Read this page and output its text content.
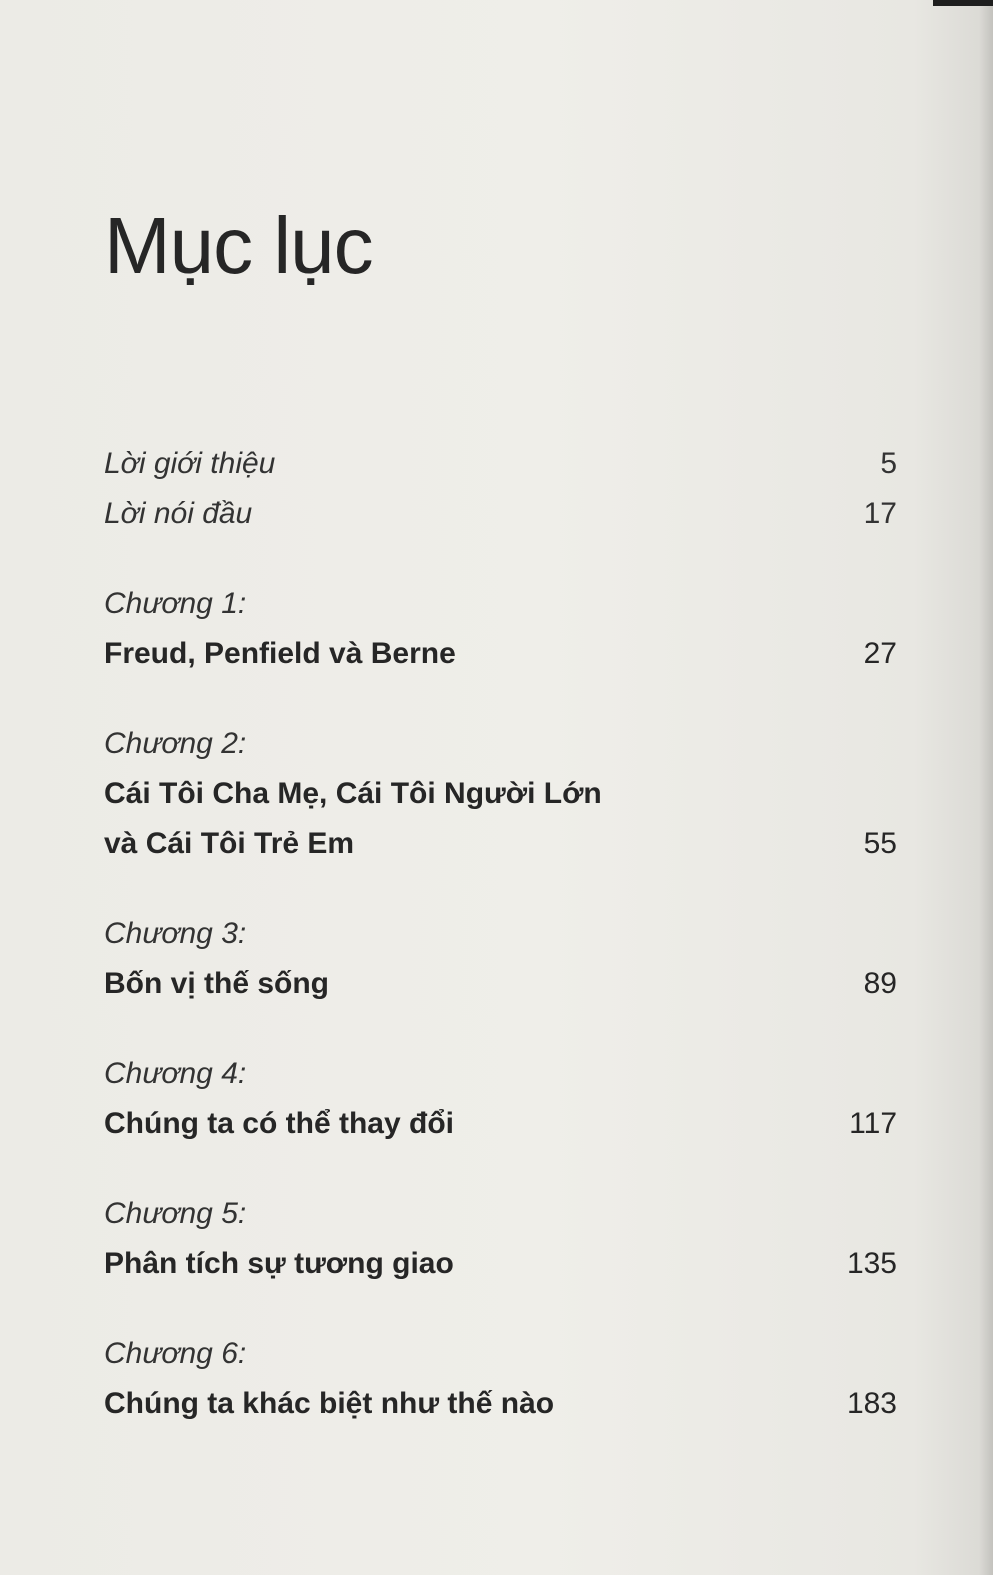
Mục lục
Lời giới thiệu	5
Lời nói đầu	17
Chương 1:
Freud, Penfield và Berne	27
Chương 2:
Cái Tôi Cha Mẹ, Cái Tôi Người Lớn
và Cái Tôi Trẻ Em	55
Chương 3:
Bốn vị thế sống	89
Chương 4:
Chúng ta có thể thay đổi	117
Chương 5:
Phân tích sự tương giao	135
Chương 6:
Chúng ta khác biệt như thế nào	183
